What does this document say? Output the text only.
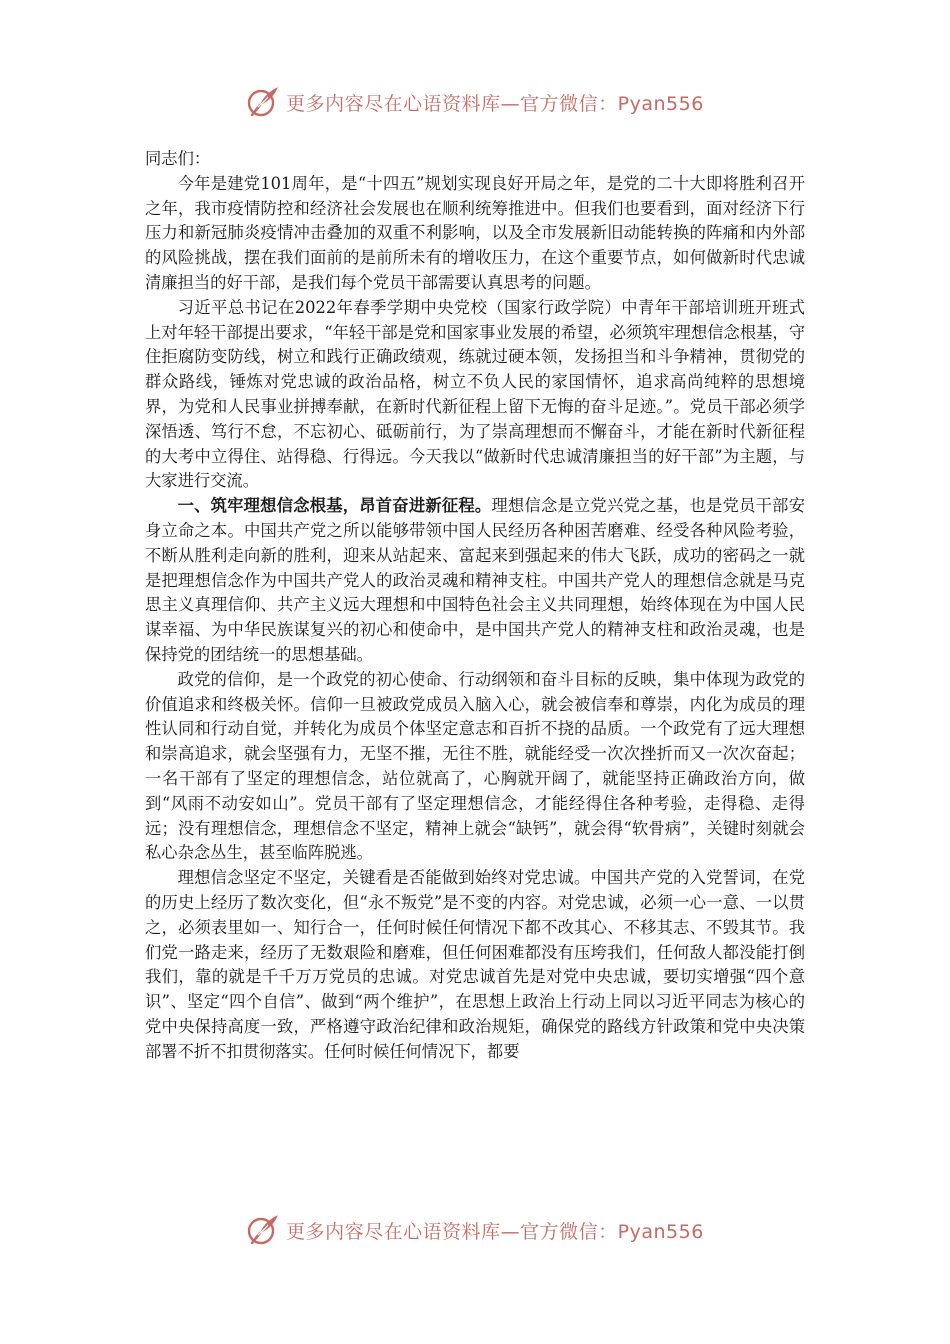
更多内容尽在心语资料库—官方微信：Pyan556

同志们：

今年是建党101周年，是“十四五”规划实现良好开局之年，是党的二十大即将胜利召开之年，我市疫情防控和经济社会发展也在顺利统筹推进中。但我们也要看到，面对经济下行压力和新冠肺炎疫情冲击叠加的双重不利影响，以及全市发展新旧动能转换的阵痛和内外部的风险挑战，摆在我们面前的是前所未有的增收压力，在这个重要节点，如何做新时代忠诚清廉担当的好干部，是我们每个党员干部需要认真思考的问题。

习近平总书记在2022年春季学期中央党校（国家行政学院）中青年干部培训班开班式上对年轻干部提出要求，“年轻干部是党和国家事业发展的希望，必须筑牢理想信念根基，守住拒腐防变防线，树立和践行正确政绩观，练就过硬本领，发扬担当和斗争精神，贯彻党的群众路线，锤炼对党忠诚的政治品格，树立不负人民的家国情怀，追求高尚纯粹的思想境界，为党和人民事业拼搏奉献，在新时代新征程上留下无悔的奋斗足迹。”。党员干部必须学深悟透、笃行不怠，不忘初心、砥砺前行，为了崇高理想而不懈奋斗，才能在新时代新征程的大考中立得住、站得稳、行得远。今天我以“做新时代忠诚清廉担当的好干部”为主题，与大家进行交流。

一、筑牢理想信念根基，昂首奋进新征程。理想信念是立党兴党之基，也是党员干部安身立命之本。中国共产党之所以能够带领中国人民经历各种困苦磨难、经受各种风险考验，不断从胜利走向新的胜利，迎来从站起来、富起来到强起来的伟大飞跃，成功的密码之一就是把理想信念作为中国共产党人的政治灵魂和精神支柱。中国共产党人的理想信念就是马克思主义真理信仰、共产主义远大理想和中国特色社会主义共同理想，始终体现在为中国人民谋幸福、为中华民族谋复兴的初心和使命中，是中国共产党人的精神支柱和政治灵魂，也是保持党的团结统一的思想基础。

政党的信仰，是一个政党的初心使命、行动纲领和奋斗目标的反映，集中体现为政党的价值追求和终极关怀。信仰一旦被政党成员入脑入心，就会被信奉和尊崇，内化为成员的理性认同和行动自觉，并转化为成员个体坚定意志和百折不挠的品质。一个政党有了远大理想和崇高追求，就会坚强有力，无坚不摧，无往不胜，就能经受一次次挫折而又一次次奋起；一名干部有了坚定的理想信念，站位就高了，心胸就开阔了，就能坚持正确政治方向，做到“风雨不动安如山”。党员干部有了坚定理想信念，才能经得住各种考验，走得稳、走得远；没有理想信念，理想信念不坚定，精神上就会“缺钙”，就会得“软骨病”，关键时刻就会私心杂念丛生，甚至临阵脱逃。

理想信念坚定不坚定，关键看是否能做到始终对党忠诚。中国共产党的入党誓词，在党的历史上经历了数次变化，但“永不叛党”是不变的内容。对党忠诚，必须一心一意、一以贯之，必须表里如一、知行合一，任何时候任何情况下都不改其心、不移其志、不毁其节。我们党一路走来，经历了无数艰险和磨难，但任何困难都没有压垮我们，任何敌人都没能打倒我们，靠的就是千千万万党员的忠诚。对党忠诚首先是对党中央忠诚，要切实增强“四个意识”、坚定“四个自信”、做到“两个维护”，在思想上政治上行动上同以习近平同志为核心的党中央保持高度一致，严格遵守政治纪律和政治规矩，确保党的路线方针政策和党中央决策部署不折不扣贯彻落实。任何时候任何情况下，都要

更多内容尽在心语资料库—官方微信：Pyan556
